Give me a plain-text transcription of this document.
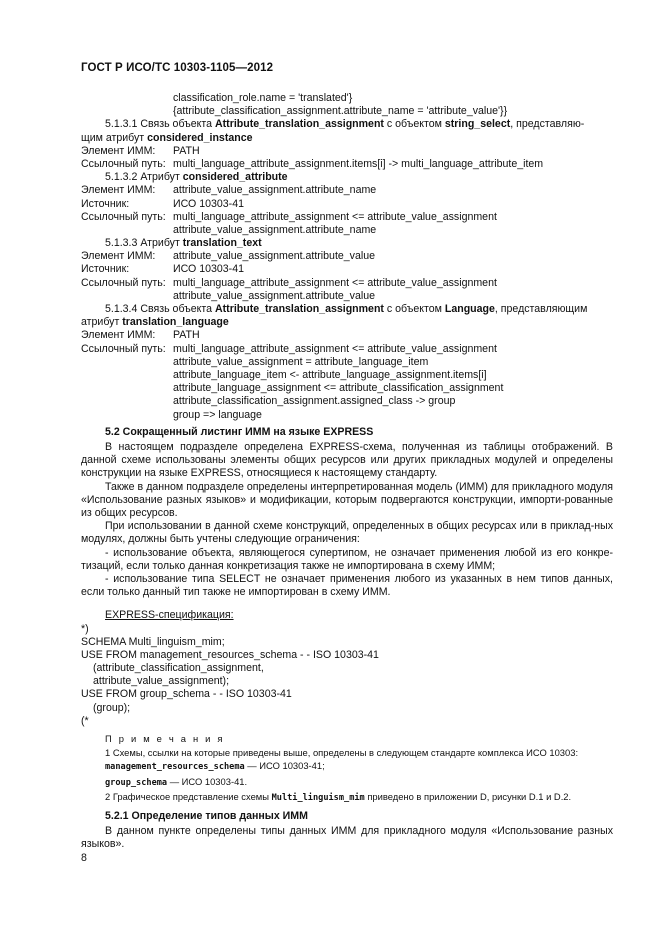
ГОСТ Р ИСО/ТС 10303-1105—2012
classification_role.name = 'translated'}
{attribute_classification_assignment.attribute_name = 'attribute_value'}}
5.1.3.1 Связь объекта Attribute_translation_assignment с объектом string_select, представляю-
щим атрибут considered_instance
Элемент ИММ:	PATH
Ссылочный путь: multi_language_attribute_assignment.items[i] -> multi_language_attribute_item
5.1.3.2 Атрибут considered_attribute
Элемент ИММ:	attribute_value_assignment.attribute_name
Источник:	ИСО 10303-41
Ссылочный путь: multi_language_attribute_assignment <= attribute_value_assignment
attribute_value_assignment.attribute_name
5.1.3.3 Атрибут translation_text
Элемент ИММ:	attribute_value_assignment.attribute_value
Источник:	ИСО 10303-41
Ссылочный путь: multi_language_attribute_assignment <= attribute_value_assignment
attribute_value_assignment.attribute_value
5.1.3.4 Связь объекта Attribute_translation_assignment с объектом Language, представляющим
атрибут translation_language
Элемент ИММ:	PATH
Ссылочный путь: multi_language_attribute_assignment <= attribute_value_assignment
attribute_value_assignment = attribute_language_item
attribute_language_item <- attribute_language_assignment.items[i]
attribute_language_assignment <= attribute_classification_assignment
attribute_classification_assignment.assigned_class -> group
group => language
5.2 Сокращенный листинг ИММ на языке EXPRESS
В настоящем подразделе определена EXPRESS-схема, полученная из таблицы отображений. В данной схеме использованы элементы общих ресурсов или других прикладных модулей и определены конструкции на языке EXPRESS, относящиеся к настоящему стандарту.
Также в данном подразделе определены интерпретированная модель (ИММ) для прикладного модуля «Использование разных языков» и модификации, которым подвергаются конструкции, импорти-рованные из общих ресурсов.
При использовании в данной схеме конструкций, определенных в общих ресурсах или в приклад-ных модулях, должны быть учтены следующие ограничения:
- использование объекта, являющегося супертипом, не означает применения любой из его конкре-тизаций, если только данная конкретизация также не импортирована в схему ИММ;
- использование типа SELECT не означает применения любого из указанных в нем типов данных, если только данный тип также не импортирован в схему ИММ.
EXPRESS-спецификация:
*)
SCHEMA Multi_linguism_mim;
USE FROM management_resources_schema - - ISO 10303-41
(attribute_classification_assignment,
attribute_value_assignment);
USE FROM group_schema - - ISO 10303-41
(group);
(*
П р и м е ч а н и я
1 Схемы, ссылки на которые приведены выше, определены в следующем стандарте комплекса ИСО 10303:
management_resources_schema — ИСО 10303-41;
group_schema — ИСО 10303-41.
2 Графическое представление схемы Multi_linguism_mim приведено в приложении D, рисунки D.1 и D.2.
5.2.1 Определение типов данных ИММ
В данном пункте определены типы данных ИММ для прикладного модуля «Использование разных языков».
8
